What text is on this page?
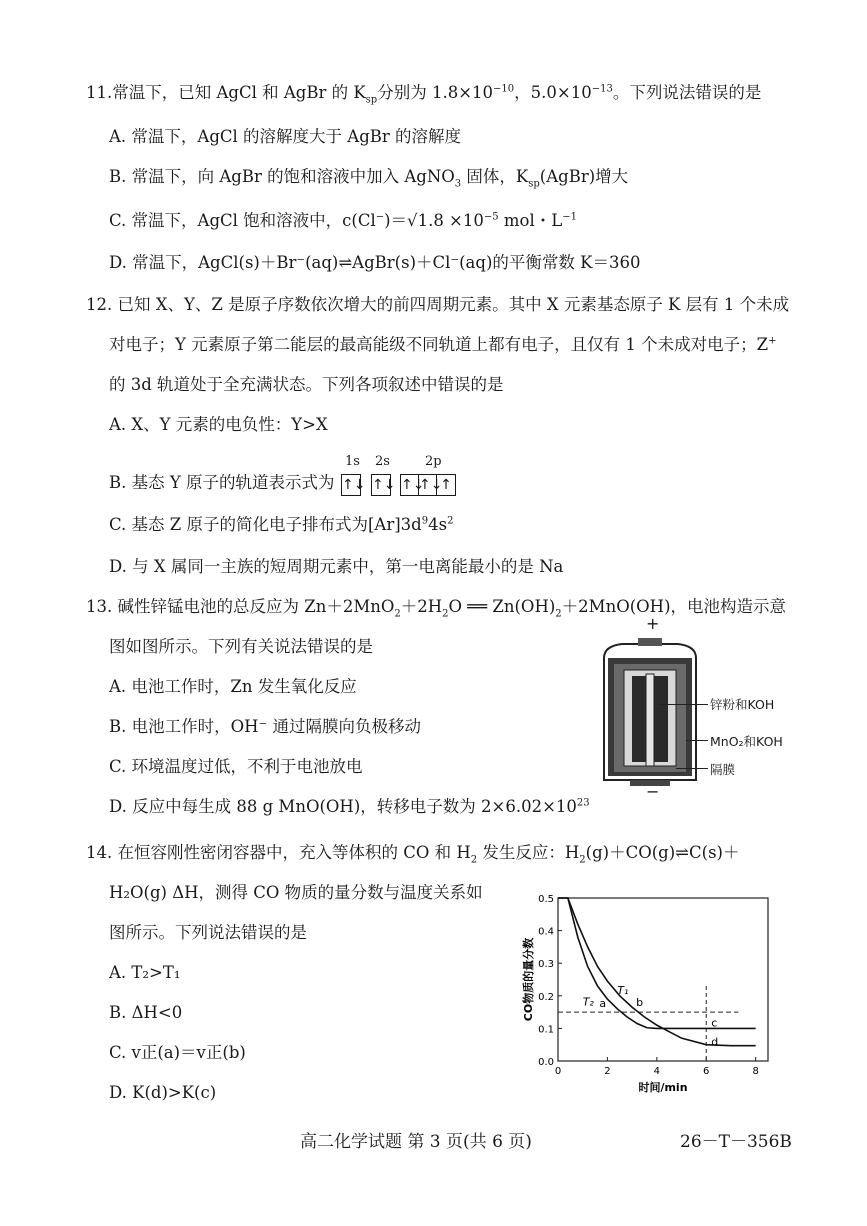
11.常温下，已知 AgCl 和 AgBr 的 $K_{sp}$分别为 $1.8\times 10^{-10}$，$5.0\times 10^{-13}$。下列说法错误的是
A. 常温下，AgCl 的溶解度大于 AgBr 的溶解度
B. 常温下，向 AgBr 的饱和溶液中加入 AgNO$_3$ 固体，$K_{sp}(AgBr)$增大
C. 常温下，AgCl 饱和溶液中，$c(Cl^-)=√1.8 \times 10^{-5}$ mol・$L^{-1}$
D. 常温下，AgCl(s)＋Br⁻(aq)⇌AgBr(s)＋Cl⁻(aq)的平衡常数 K＝360
12. 已知 X、Y、Z 是原子序数依次增大的前四周期元素。其中 X 元素基态原子 K 层有 1 个未成
对电子；Y 元素原子第二能层的最高能级不同轨道上都有电子，且仅有 1 个未成对电子；Z+
的 3d 轨道处于全充满状态。下列各项叙述中错误的是
A. X、Y 元素的电负性：Y>X
B. 基态 Y 原子的轨道表示式为
1s 2s	2p
↑↓ ↑↓ ↑↓
↑↓
↑
C. 基态 Z 原子的简化电子排布式为$[Ar]3d^94s^2$
D. 与 X 属同一主族的短周期元素中，第一电离能最小的是 Na
13. 碱性锌锰电池的总反应为 $Zn+2MnO_2+2H_2O$ ══ $Zn(OH)_2+2MnO(OH)$，电池构造示意
图如图所示。下列有关说法错误的是
A. 电池工作时，Zn 发生氧化反应
B. 电池工作时，OH⁻ 通过隔膜向负极移动
C. 环境温度过低，不利于电池放电
D. 反应中每生成 88 g MnO(OH)，转移电子数为 $2\times 6.02\times 10^{23}$
+
−
锌粉和KOH
MnO₂和KOH
隔膜
14. 在恒容刚性密闭容器中，充入等体积的 CO 和 $H_2$ 发生反应：$H_2(g)+CO(g)\rightleftharpoons C(s)+$
H₂O(g) ΔH，测得 CO 物质的量分数与温度关系如
图所示。下列说法错误的是
A. T₂>T₁
B. ΔH<0
C. v正(a)＝v正(b)
D. K(d)>K(c)
0.0
0.1
0.2
0.3
0.4
0.5
0	2	4	6	8
时间/min
CO物质的量分数	T₂
T₁
a	b
c
d
高二化学试题 第 3 页(共 6 页)	26－T－356B
